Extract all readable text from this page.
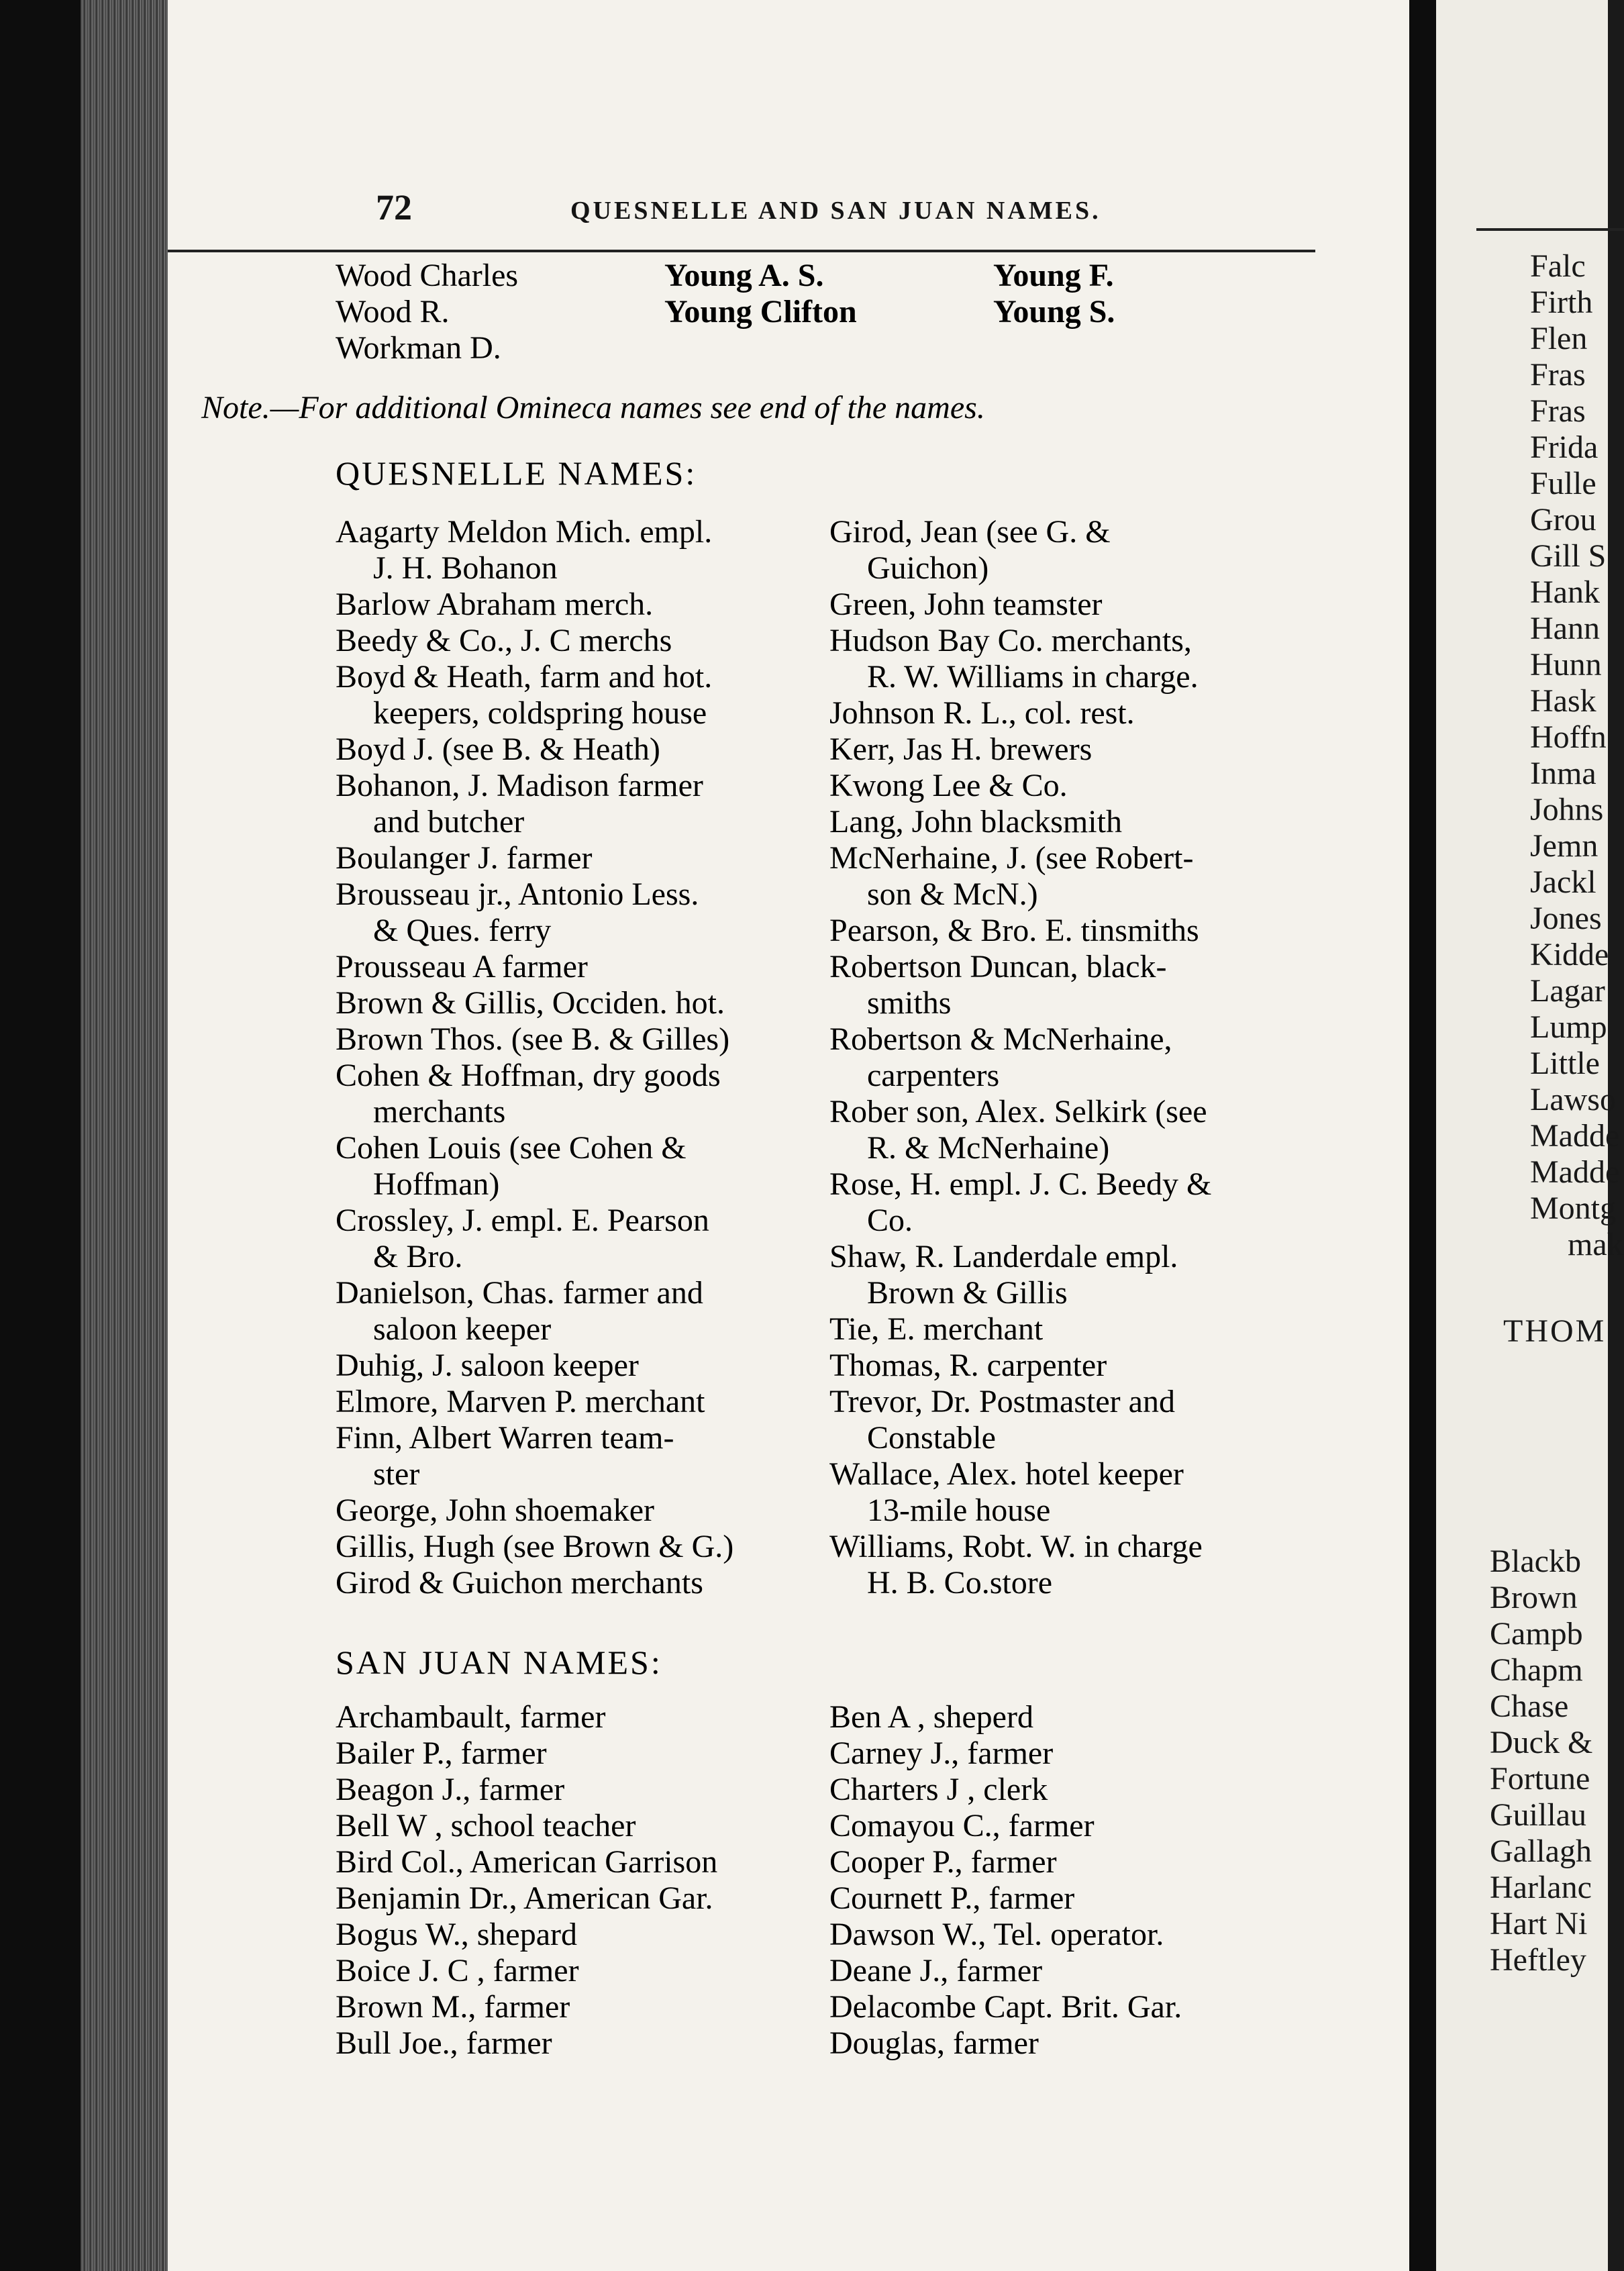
72	QUESNELLE AND SAN JUAN NAMES.
Wood Charles
Wood R.
Workman D.
Young A. S.
Young Clifton
Young F.
Young S.
Note.—For additional Omineca names see end of the names.
QUESNELLE NAMES:
Aagarty Meldon Mich. empl.
J. H. Bohanon
Barlow Abraham merch.
Beedy & Co., J. C merchs
Boyd & Heath, farm and hot.
keepers, coldspring house
Boyd J. (see B. & Heath)
Bohanon, J. Madison farmer
and butcher
Boulanger J. farmer
Brousseau jr., Antonio Less.
& Ques. ferry
Prousseau A farmer
Brown & Gillis, Occiden. hot.
Brown Thos. (see B. & Gilles)
Cohen & Hoffman, dry goods
merchants
Cohen Louis (see Cohen &
Hoffman)
Crossley, J. empl. E. Pearson
& Bro.
Danielson, Chas. farmer and
saloon keeper
Duhig, J. saloon keeper
Elmore, Marven P. merchant
Finn, Albert Warren team-
ster
George, John shoemaker
Gillis, Hugh (see Brown & G.)
Girod & Guichon merchants
Girod, Jean (see G. &
Guichon)
Green, John teamster
Hudson Bay Co. merchants,
R. W. Williams in charge.
Johnson R. L., col. rest.
Kerr, Jas H. brewers
Kwong Lee & Co.
Lang, John blacksmith
McNerhaine, J. (see Robert-
son & McN.)
Pearson, & Bro. E. tinsmiths
Robertson Duncan, black-
smiths
Robertson & McNerhaine,
carpenters
Rober son, Alex. Selkirk (see
R. & McNerhaine)
Rose, H. empl. J. C. Beedy &
Co.
Shaw, R. Landerdale empl.
Brown & Gillis
Tie, E. merchant
Thomas, R. carpenter
Trevor, Dr. Postmaster and
Constable
Wallace, Alex. hotel keeper
13-mile house
Williams, Robt. W. in charge
H. B. Co.store
SAN JUAN NAMES:
Archambault, farmer
Bailer P., farmer
Beagon J., farmer
Bell W , school teacher
Bird Col., American Garrison
Benjamin Dr., American Gar.
Bogus W., shepard
Boice J. C , farmer
Brown M., farmer
Bull Joe., farmer
Ben A , sheperd
Carney J., farmer
Charters J , clerk
Comayou C., farmer
Cooper P., farmer
Cournett P., farmer
Dawson W., Tel. operator.
Deane J., farmer
Delacombe Capt. Brit. Gar.
Douglas, farmer
Falc
Firth
Flen
Fras
Fras
Frida
Fulle
Grou
Gill S
Hank
Hann
Hunn
Hask
Hoffn
Inma
Johns
Jemn
Jackl
Jones
Kidde
Lagar
Lump
Little
Lawso
Madde
Madde
Montg
mak
THOM
Blackb
Brown
Campb
Chapm
Chase
Duck &
Fortune
Guillau
Gallagh
Harlanc
Hart Ni
Heftley
